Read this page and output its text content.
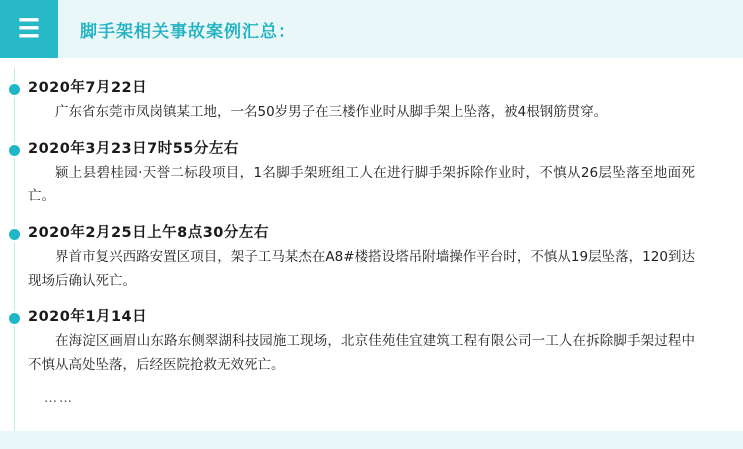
☰ 脚手架相关事故案例汇总：
2020年7月22日
广东省东莞市凤岗镇某工地，一名50岁男子在三楼作业时从脚手架上坠落，被4根钢筋贯穿。
2020年3月23日7时55分左右
颍上县碧桂园·天誉二标段项目，1名脚手架班组工人在进行脚手架拆除作业时，不慎从26层坠落至地面死亡。
2020年2月25日上午8点30分左右
界首市复兴西路安置区项目，架子工马某杰在A8#楼搭设塔吊附墙操作平台时，不慎从19层坠落，120到达现场后确认死亡。
2020年1月14日
在海淀区画眉山东路东侧翠湖科技园施工现场，北京佳苑佳宜建筑工程有限公司一工人在拆除脚手架过程中不慎从高处坠落，后经医院抢救无效死亡。
……
